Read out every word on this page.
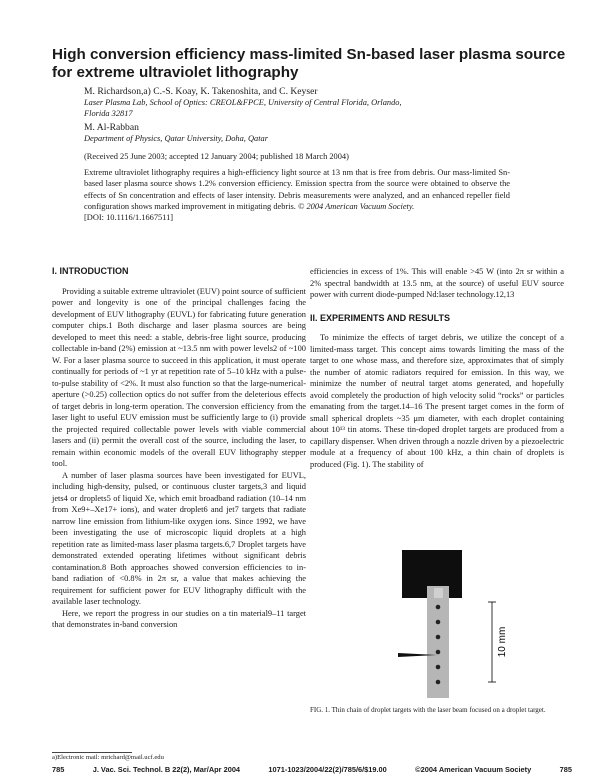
High conversion efficiency mass-limited Sn-based laser plasma source for extreme ultraviolet lithography
M. Richardson,a) C.-S. Koay, K. Takenoshita, and C. Keyser
Laser Plasma Lab, School of Optics: CREOL&FPCE, University of Central Florida, Orlando,
Florida 32817
M. Al-Rabban
Department of Physics, Qatar University, Doha, Qatar
(Received 25 June 2003; accepted 12 January 2004; published 18 March 2004)
Extreme ultraviolet lithography requires a high-efficiency light source at 13 nm that is free from debris. Our mass-limited Sn-based laser plasma source shows 1.2% conversion efficiency. Emission spectra from the source were obtained to observe the effects of Sn concentration and effects of laser intensity. Debris measurements were analyzed, and an enhanced repeller field configuration shows marked improvement in mitigating debris. © 2004 American Vacuum Society.
[DOI: 10.1116/1.1667511]
I. INTRODUCTION

Providing a suitable extreme ultraviolet (EUV) point source of sufficient power and longevity is one of the principal challenges facing the development of EUV lithography (EUVL) for fabricating future generation computer chips.1 Both discharge and laser plasma sources are being developed to meet this need: a stable, debris-free light source, producing collectable in-band (2%) emission at ~13.5 nm with power levels2 of ~100 W. For a laser plasma source to succeed in this application, it must operate continually for periods of ~1 yr at repetition rate of 5–10 kHz with a pulse-to-pulse stability of <2%. It must also function so that the large-numerical-aperture (>0.25) collection optics do not suffer from the deleterious effects of target debris in long-term operation. The conversion efficiency from the laser light to useful EUV emission must be sufficiently large to (i) provide the projected required collectable power levels with viable commercial lasers and (ii) permit the overall cost of the source, including the laser, to remain within economic models of the overall EUV lithography stepper tool.

A number of laser plasma sources have been investigated for EUVL, including high-density, pulsed, or continuous cluster targets,3 and liquid jets4 or droplets5 of liquid Xe, which emit broadband radiation (10–14 nm from Xe9+–Xe17+ ions), and water droplet6 and jet7 targets that radiate narrow line emission from lithium-like oxygen ions. Since 1992, we have been investigating the use of microscopic liquid droplets at a high repetition rate as limited-mass laser plasma targets.6,7 Droplet targets have demonstrated extended operating lifetimes without significant debris contamination.8 Both approaches showed conversion efficiencies to in-band radiation of <0.8% in 2π sr, a value that makes achieving the requirement for sufficient power for EUV lithography difficult with the available laser technology.

Here, we report the progress in our studies on a tin material9–11 target that demonstrates in-band conversion

efficiencies in excess of 1%. This will enable >45 W (into 2π sr within a 2% spectral bandwidth at 13.5 nm, at the source) of useful EUV source power with current diode-pumped Nd:laser technology.12,13

II. EXPERIMENTS AND RESULTS

To minimize the effects of target debris, we utilize the concept of a limited-mass target. This concept aims towards limiting the mass of the target to one whose mass, and therefore size, approximates that of simply the number of atomic radiators required for emission. In this way, we minimize the number of neutral target atoms generated, and hopefully avoid completely the production of high velocity solid “rocks” or particles emanating from the target.14–16 The present target comes in the form of small spherical droplets ~35 μm diameter, with each droplet containing about 10¹³ tin atoms. These tin-doped droplet targets are produced from a capillary dispenser. When driven through a nozzle driven by a piezoelectric module at a frequency of about 100 kHz, a thin chain of droplets is produced (Fig. 1). The stability of

10 mm
FIG. 1. Thin chain of droplet targets with the laser beam focused on a droplet target.
a)Electronic mail: mrichard@mail.ucf.edu
785	J. Vac. Sci. Technol. B 22(2), Mar/Apr 2004	1071-1023/2004/22(2)/785/6/$19.00	©2004 American Vacuum Society	785
